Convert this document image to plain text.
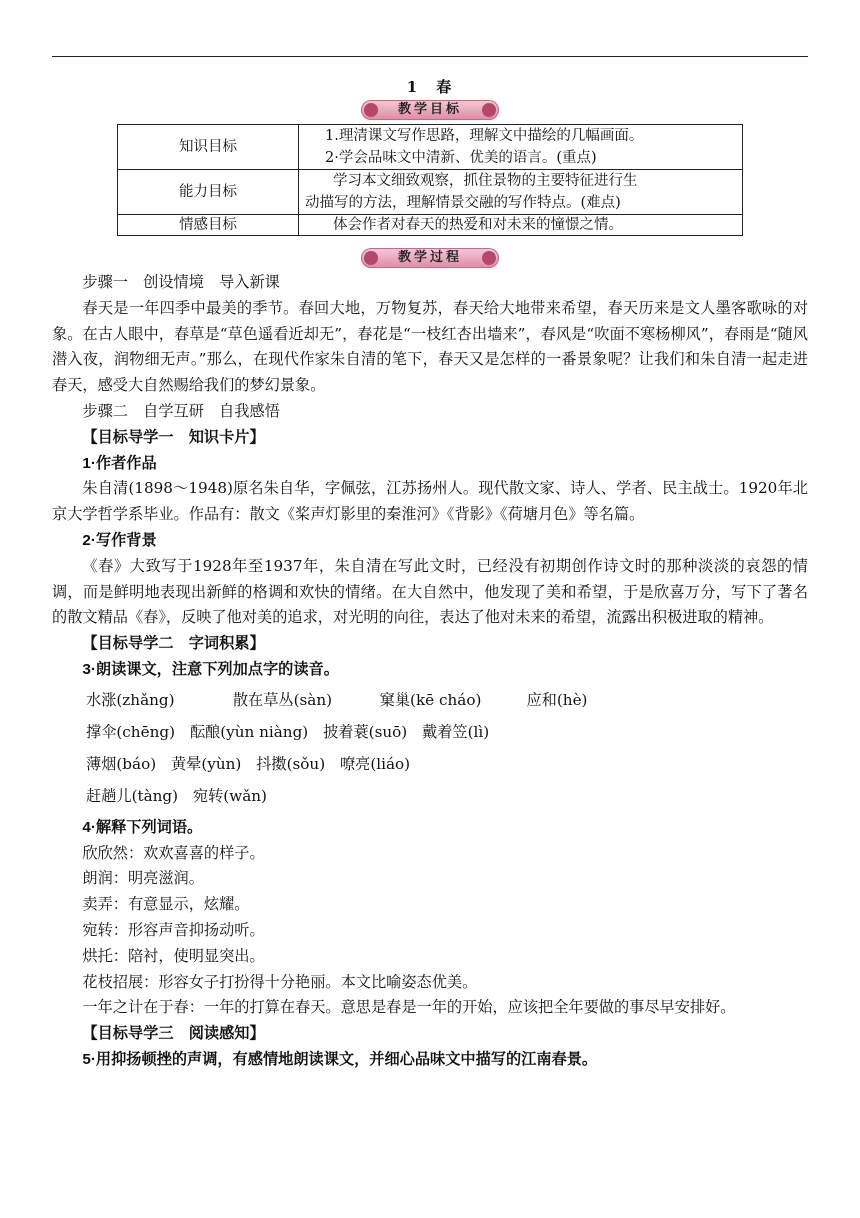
1　春
教学目标
知识目标	1.理清课文写作思路，理解文中描绘的几幅画面。
2·学会品味文中清新、优美的语言。(重点)

能力目标	学习本文细致观察，抓住景物的主要特征进行生
动描写的方法，理解情景交融的写作特点。(难点)

情感目标	体会作者对春天的热爱和对未来的憧憬之情。
教学过程

步骤一　创设情境　导入新课

春天是一年四季中最美的季节。春回大地，万物复苏，春天给大地带来希望，春天历来是文人墨客歌咏的对象。在古人眼中，春草是“草色遥看近却无”，春花是“一枝红杏出墙来”，春风是“吹面不寒杨柳风”，春雨是“随风潜入夜，润物细无声。”那么，在现代作家朱自清的笔下，春天又是怎样的一番景象呢？让我们和朱自清一起走进春天，感受大自然赐给我们的梦幻景象。

步骤二　自学互研　自我感悟

【目标导学一　知识卡片】

1·作者作品

朱自清(1898～1948)原名朱自华，字佩弦，江苏扬州人。现代散文家、诗人、学者、民主战士。1920年北京大学哲学系毕业。作品有：散文《桨声灯影里的秦淮河》《背影》《荷塘月色》等名篇。

2·写作背景

《春》大致写于1928年至1937年，朱自清在写此文时，已经没有初期创作诗文时的那种淡淡的哀怨的情调，而是鲜明地表现出新鲜的格调和欢快的情绪。在大自然中，他发现了美和希望，于是欣喜万分，写下了著名的散文精品《春》，反映了他对美的追求，对光明的向往，表达了他对未来的希望，流露出积极进取的精神。

【目标导学二　字词积累】

3·朗读课文，注意下列加点字的读音。

水涨(zhǎng)	散在草丛(sàn)	窠巢(kē cháo)	应和(hè)

撑伞(chēng) 酝酿(yùn niàng) 披着蓑(suō) 戴着笠(lì)

薄烟(báo) 黄晕(yùn) 抖擞(sǒu) 嘹亮(liáo)

赶趟儿(tàng) 宛转(wǎn)

4·解释下列词语。

欣欣然：欢欢喜喜的样子。

朗润：明亮滋润。

卖弄：有意显示，炫耀。

宛转：形容声音抑扬动听。

烘托：陪衬，使明显突出。

花枝招展：形容女子打扮得十分艳丽。本文比喻姿态优美。

一年之计在于春：一年的打算在春天。意思是春是一年的开始，应该把全年要做的事尽早安排好。

【目标导学三　阅读感知】

5·用抑扬顿挫的声调，有感情地朗读课文，并细心品味文中描写的江南春景。
